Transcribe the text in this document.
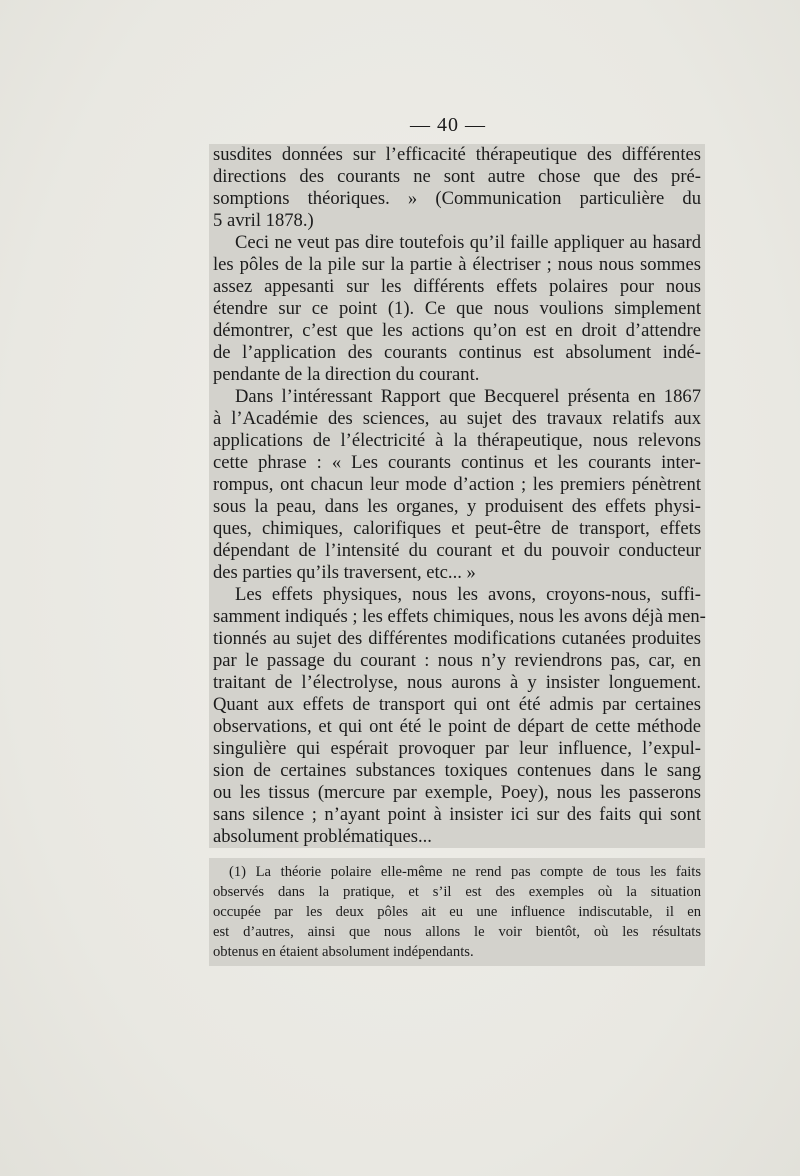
— 40 —
susdites données sur l’efficacité thérapeutique des différentes
directions des courants ne sont autre chose que des pré-
somptions théoriques. » (Communication particulière du
5 avril 1878.)
Ceci ne veut pas dire toutefois qu’il faille appliquer au hasard
les pôles de la pile sur la partie à électriser ; nous nous sommes
assez appesanti sur les différents effets polaires pour nous
étendre sur ce point (1). Ce que nous voulions simplement
démontrer, c’est que les actions qu’on est en droit d’attendre
de l’application des courants continus est absolument indé-
pendante de la direction du courant.
Dans l’intéressant Rapport que Becquerel présenta en 1867
à l’Académie des sciences, au sujet des travaux relatifs aux
applications de l’électricité à la thérapeutique, nous relevons
cette phrase : « Les courants continus et les courants inter-
rompus, ont chacun leur mode d’action ; les premiers pénètrent
sous la peau, dans les organes, y produisent des effets physi-
ques, chimiques, calorifiques et peut-être de transport, effets
dépendant de l’intensité du courant et du pouvoir conducteur
des parties qu’ils traversent, etc... »
Les effets physiques, nous les avons, croyons-nous, suffi-
samment indiqués ; les effets chimiques, nous les avons déjà men-
tionnés au sujet des différentes modifications cutanées produites
par le passage du courant : nous n’y reviendrons pas, car, en
traitant de l’électrolyse, nous aurons à y insister longuement.
Quant aux effets de transport qui ont été admis par certaines
observations, et qui ont été le point de départ de cette méthode
singulière qui espérait provoquer par leur influence, l’expul-
sion de certaines substances toxiques contenues dans le sang
ou les tissus (mercure par exemple, Poey), nous les passerons
sans silence ; n’ayant point à insister ici sur des faits qui sont
absolument problématiques...
(1) La théorie polaire elle-même ne rend pas compte de tous les faits
observés dans la pratique, et s’il est des exemples où la situation
occupée par les deux pôles ait eu une influence indiscutable, il en
est d’autres, ainsi que nous allons le voir bientôt, où les résultats
obtenus en étaient absolument indépendants.
